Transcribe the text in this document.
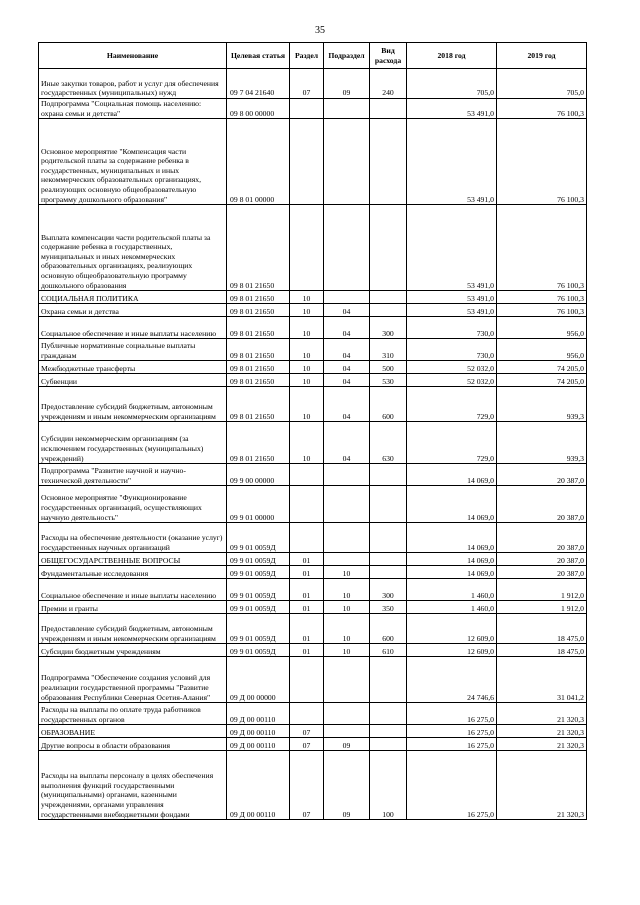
35
Наименование	Целевая статья	Раздел	Подраздел	Вид расхода	2018 год	2019 год
Иные закупки товаров, работ и услуг для обеспечения государственных (муниципальных) нужд	09 7 04 21640	07	09	240	705,0	705,0
Подпрограмма "Социальная помощь населению: охрана семьи и детства"	09 8 00 00000				53 491,0	76 100,3
Основное мероприятие "Компенсация части родительской платы за содержание ребенка в государственных, муниципальных и иных некоммерческих образовательных организациях, реализующих основную общеобразовательную программу дошкольного образования"	09 8 01 00000				53 491,0	76 100,3
Выплата компенсации части родительской платы за содержание ребенка в государственных, муниципальных и иных некоммерческих образовательных организациях, реализующих основную общеобразовательную программу дошкольного образования	09 8 01 21650				53 491,0	76 100,3
СОЦИАЛЬНАЯ ПОЛИТИКА	09 8 01 21650	10			53 491,0	76 100,3
Охрана семьи и детства	09 8 01 21650	10	04		53 491,0	76 100,3
Социальное обеспечение и иные выплаты населению	09 8 01 21650	10	04	300	730,0	956,0
Публичные нормативные социальные выплаты гражданам	09 8 01 21650	10	04	310	730,0	956,0
Межбюджетные трансферты	09 8 01 21650	10	04	500	52 032,0	74 205,0
Субвенции	09 8 01 21650	10	04	530	52 032,0	74 205,0
Предоставление субсидий бюджетным, автономным учреждениям и иным некоммерческим организациям	09 8 01 21650	10	04	600	729,0	939,3
Субсидии некоммерческим организациям (за исключением государственных (муниципальных) учреждений)	09 8 01 21650	10	04	630	729,0	939,3
Подпрограмма "Развитие научной и научно-технической деятельности"	09 9 00 00000				14 069,0	20 387,0
Основное мероприятие "Функционирование государственных организаций, осуществляющих научную деятельность"	09 9 01 00000				14 069,0	20 387,0
Расходы на обеспечение деятельности (оказание услуг) государственных научных организаций	09 9 01 0059Д				14 069,0	20 387,0
ОБЩЕГОСУДАРСТВЕННЫЕ ВОПРОСЫ	09 9 01 0059Д	01			14 069,0	20 387,0
Фундаментальные исследования	09 9 01 0059Д	01	10		14 069,0	20 387,0
Социальное обеспечение и иные выплаты населению	09 9 01 0059Д	01	10	300	1 460,0	1 912,0
Премии и гранты	09 9 01 0059Д	01	10	350	1 460,0	1 912,0
Предоставление субсидий бюджетным, автономным учреждениям и иным некоммерческим организациям	09 9 01 0059Д	01	10	600	12 609,0	18 475,0
Субсидии бюджетным учреждениям	09 9 01 0059Д	01	10	610	12 609,0	18 475,0
Подпрограмма "Обеспечение создания условий для реализации государственной программы "Развитие образования Республики Северная Осетия-Алания"	09 Д 00 00000				24 746,6	31 041,2
Расходы на выплаты по оплате труда работников государственных органов	09 Д 00 00110				16 275,0	21 320,3
ОБРАЗОВАНИЕ	09 Д 00 00110	07			16 275,0	21 320,3
Другие вопросы в области образования	09 Д 00 00110	07	09		16 275,0	21 320,3
Расходы на выплаты персоналу в целях обеспечения выполнения функций государственными (муниципальными) органами, казенными учреждениями, органами управления государственными внебюджетными фондами	09 Д 00 00110	07	09	100	16 275,0	21 320,3
